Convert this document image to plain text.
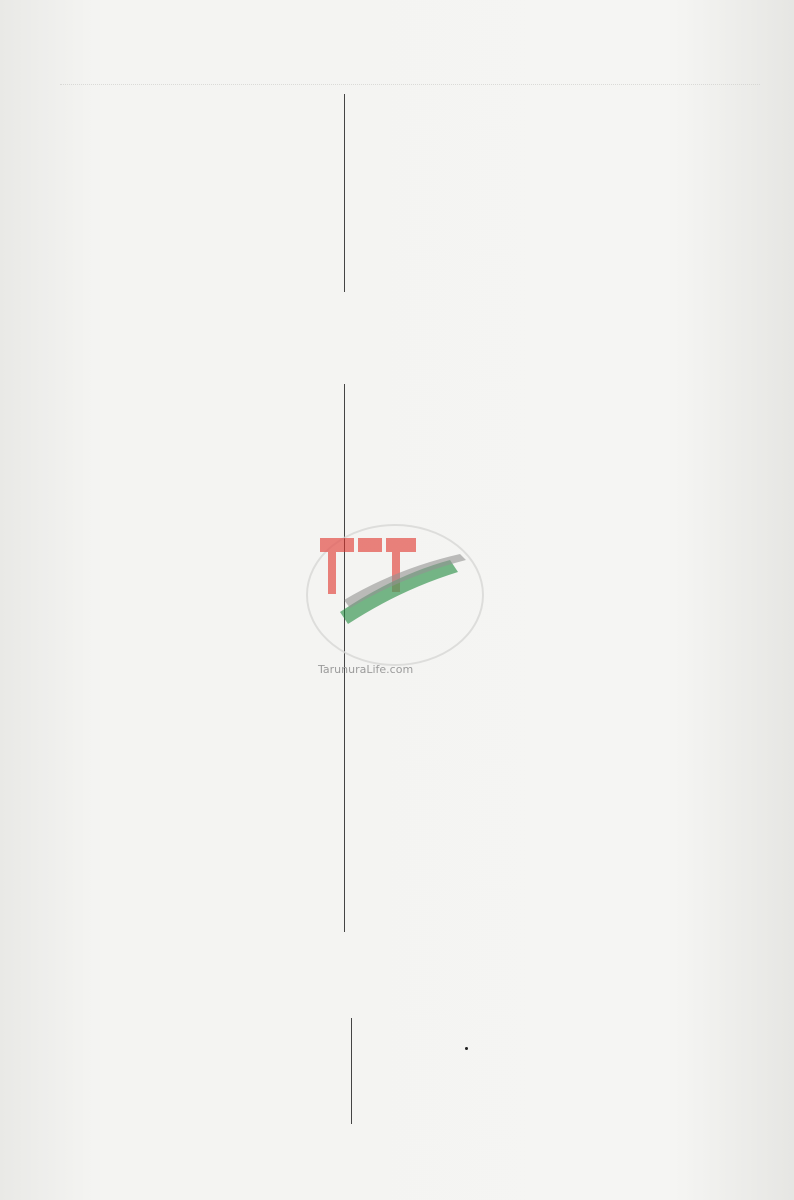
TarunuraLife.com
